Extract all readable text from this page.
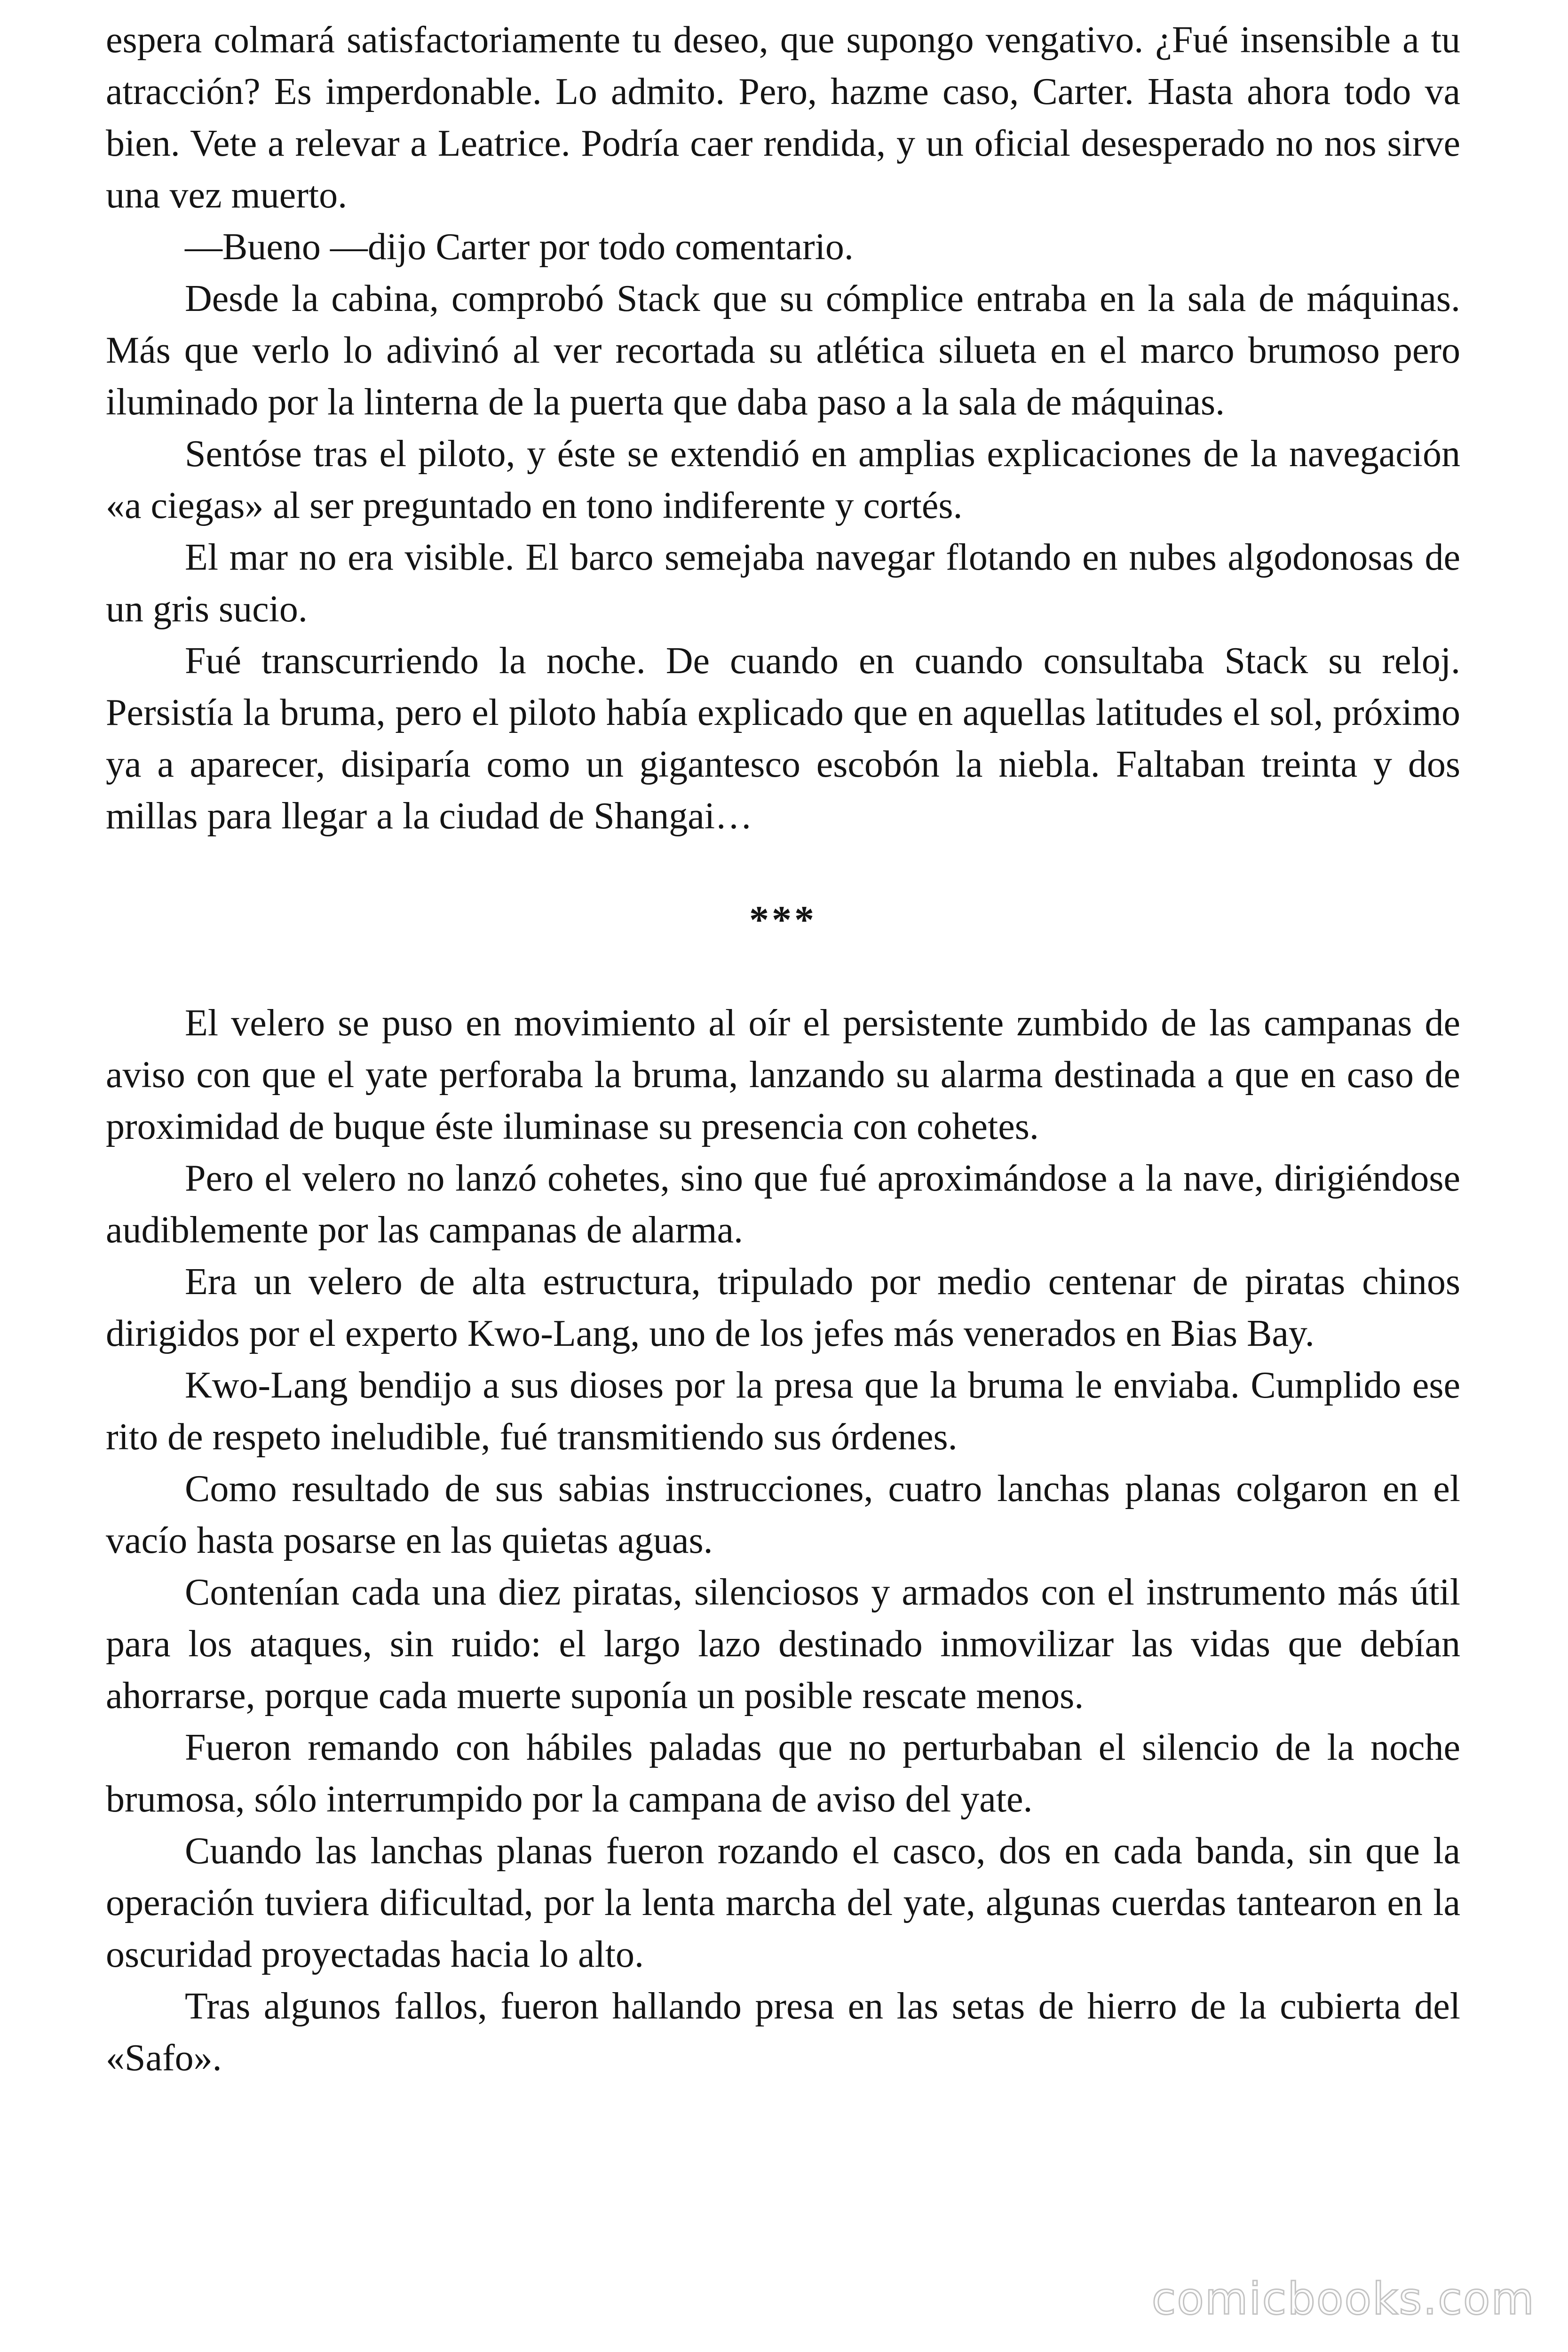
espera colmará satisfactoriamente tu deseo, que supongo vengativo. ¿Fué insensible a tu atracción? Es imperdonable. Lo admito. Pero, hazme caso, Carter. Hasta ahora todo va bien. Vete a relevar a Leatrice. Podría caer rendida, y un oficial desesperado no nos sirve una vez muerto.

—Bueno —dijo Carter por todo comentario.

Desde la cabina, comprobó Stack que su cómplice entraba en la sala de máquinas. Más que verlo lo adivinó al ver recortada su atlética silueta en el marco brumoso pero iluminado por la linterna de la puerta que daba paso a la sala de máquinas.

Sentóse tras el piloto, y éste se extendió en amplias explicaciones de la navegación «a ciegas» al ser preguntado en tono indiferente y cortés.

El mar no era visible. El barco semejaba navegar flotando en nubes algodonosas de un gris sucio.

Fué transcurriendo la noche. De cuando en cuando consultaba Stack su reloj. Persistía la bruma, pero el piloto había explicado que en aquellas latitudes el sol, próximo ya a aparecer, disiparía como un gigantesco escobón la niebla. Faltaban treinta y dos millas para llegar a la ciudad de Shangai…

***

El velero se puso en movimiento al oír el persistente zumbido de las campanas de aviso con que el yate perforaba la bruma, lanzando su alarma destinada a que en caso de proximidad de buque éste iluminase su presencia con cohetes.

Pero el velero no lanzó cohetes, sino que fué aproximándose a la nave, dirigiéndose audiblemente por las campanas de alarma.

Era un velero de alta estructura, tripulado por medio centenar de piratas chinos dirigidos por el experto Kwo-Lang, uno de los jefes más venerados en Bias Bay.

Kwo-Lang bendijo a sus dioses por la presa que la bruma le enviaba. Cumplido ese rito de respeto ineludible, fué transmitiendo sus órdenes.

Como resultado de sus sabias instrucciones, cuatro lanchas planas colgaron en el vacío hasta posarse en las quietas aguas.

Contenían cada una diez piratas, silenciosos y armados con el instrumento más útil para los ataques, sin ruido: el largo lazo destinado inmovilizar las vidas que debían ahorrarse, porque cada muerte suponía un posible rescate menos.

Fueron remando con hábiles paladas que no perturbaban el silencio de la noche brumosa, sólo interrumpido por la campana de aviso del yate.

Cuando las lanchas planas fueron rozando el casco, dos en cada banda, sin que la operación tuviera dificultad, por la lenta marcha del yate, algunas cuerdas tantearon en la oscuridad proyectadas hacia lo alto.

Tras algunos fallos, fueron hallando presa en las setas de hierro de la cubierta del «Safo».

comicbooks.com
